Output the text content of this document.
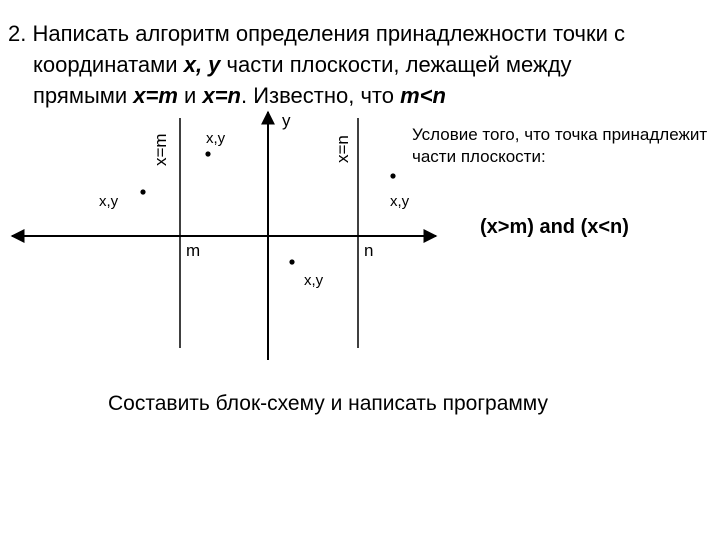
2. Написать алгоритм определения принадлежности точки с
координатами x, y части плоскости, лежащей между
прямыми x=m и x=n. Известно, что m<n

y
x=m	x=n
m	n
x,y
x,y	x,y
x,y
Условие того, что точка принадлежит части плоскости:
(x>m) and (x<n)
Составить блок-схему и написать программу
